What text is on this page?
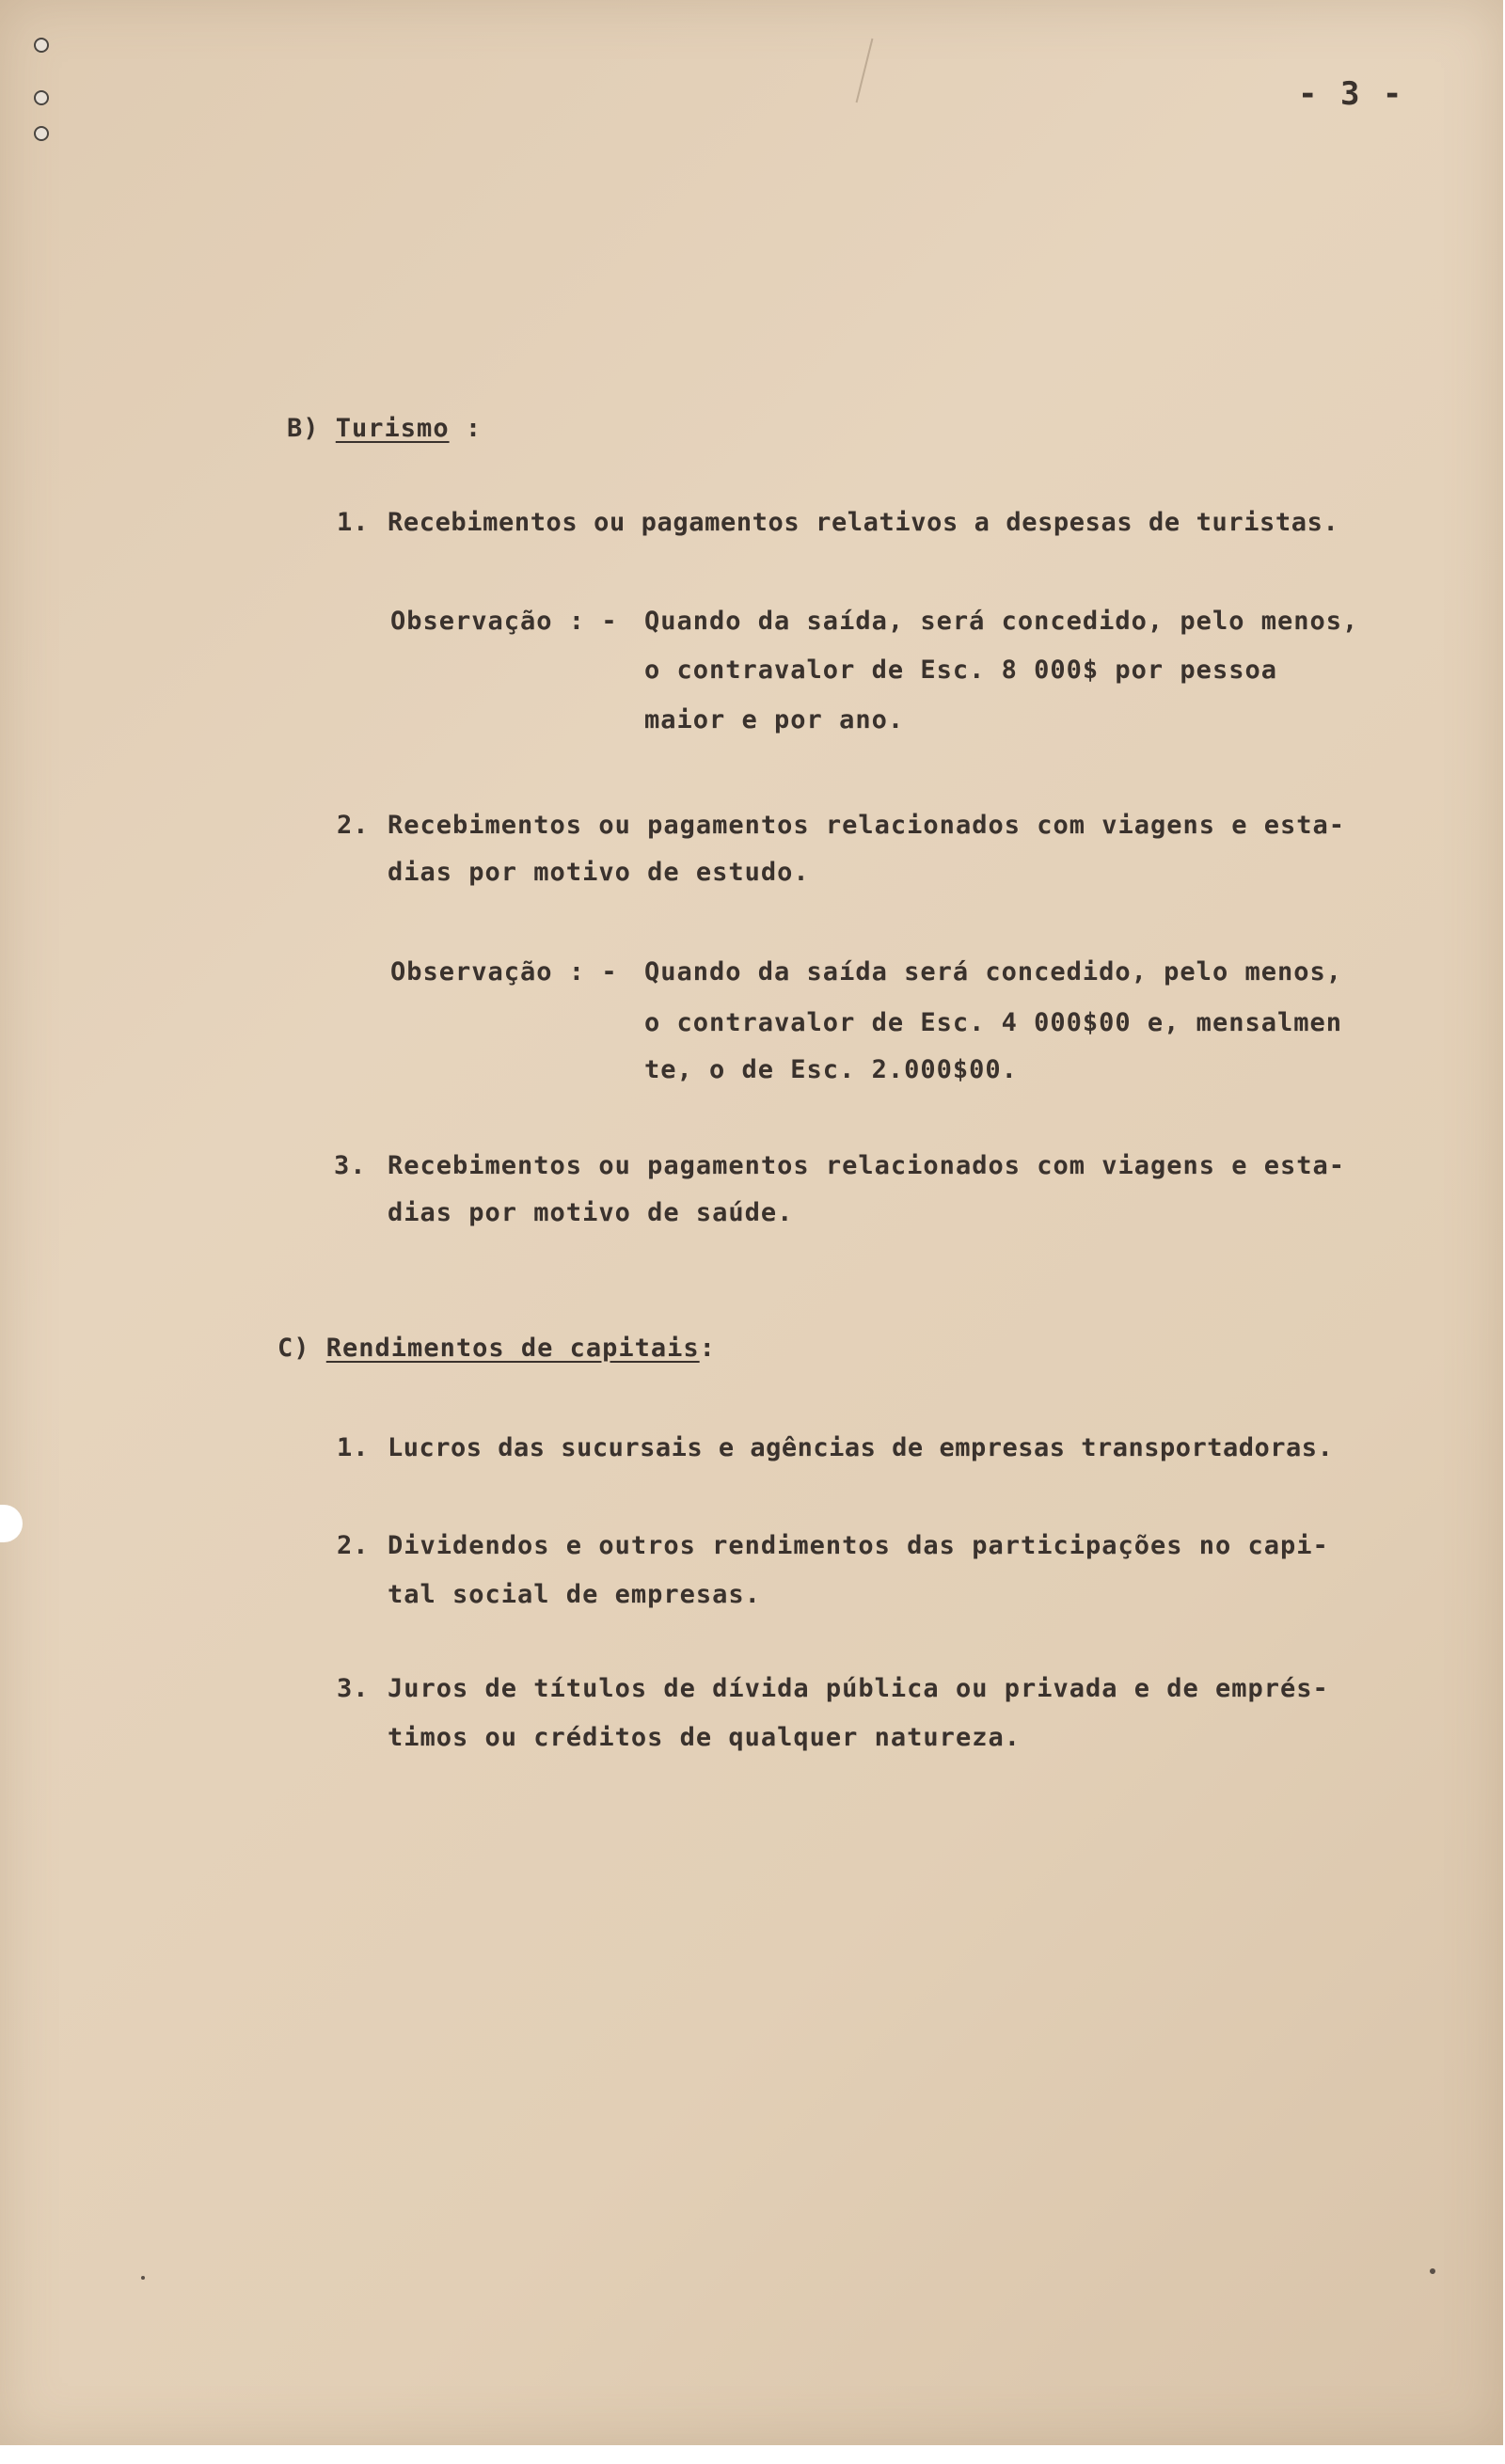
- 3 -
B) Turismo :
1. Recebimentos ou pagamentos relativos a despesas de turistas.
Observação : - Quando da saída, será concedido, pelo menos,
o contravalor de Esc. 8 000$ por pessoa
maior e por ano.
2. Recebimentos ou pagamentos relacionados com viagens e esta-
dias por motivo de estudo.
Observação : - Quando da saída será concedido, pelo menos,
o contravalor de Esc. 4 000$00 e, mensalmen
te, o de Esc. 2.000$00.
3. Recebimentos ou pagamentos relacionados com viagens e esta-
dias por motivo de saúde.
C) Rendimentos de capitais:
1. Lucros das sucursais e agências de empresas transportadoras.
2. Dividendos e outros rendimentos das participações no capi-
tal social de empresas.
3. Juros de títulos de dívida pública ou privada e de emprés-
timos ou créditos de qualquer natureza.
